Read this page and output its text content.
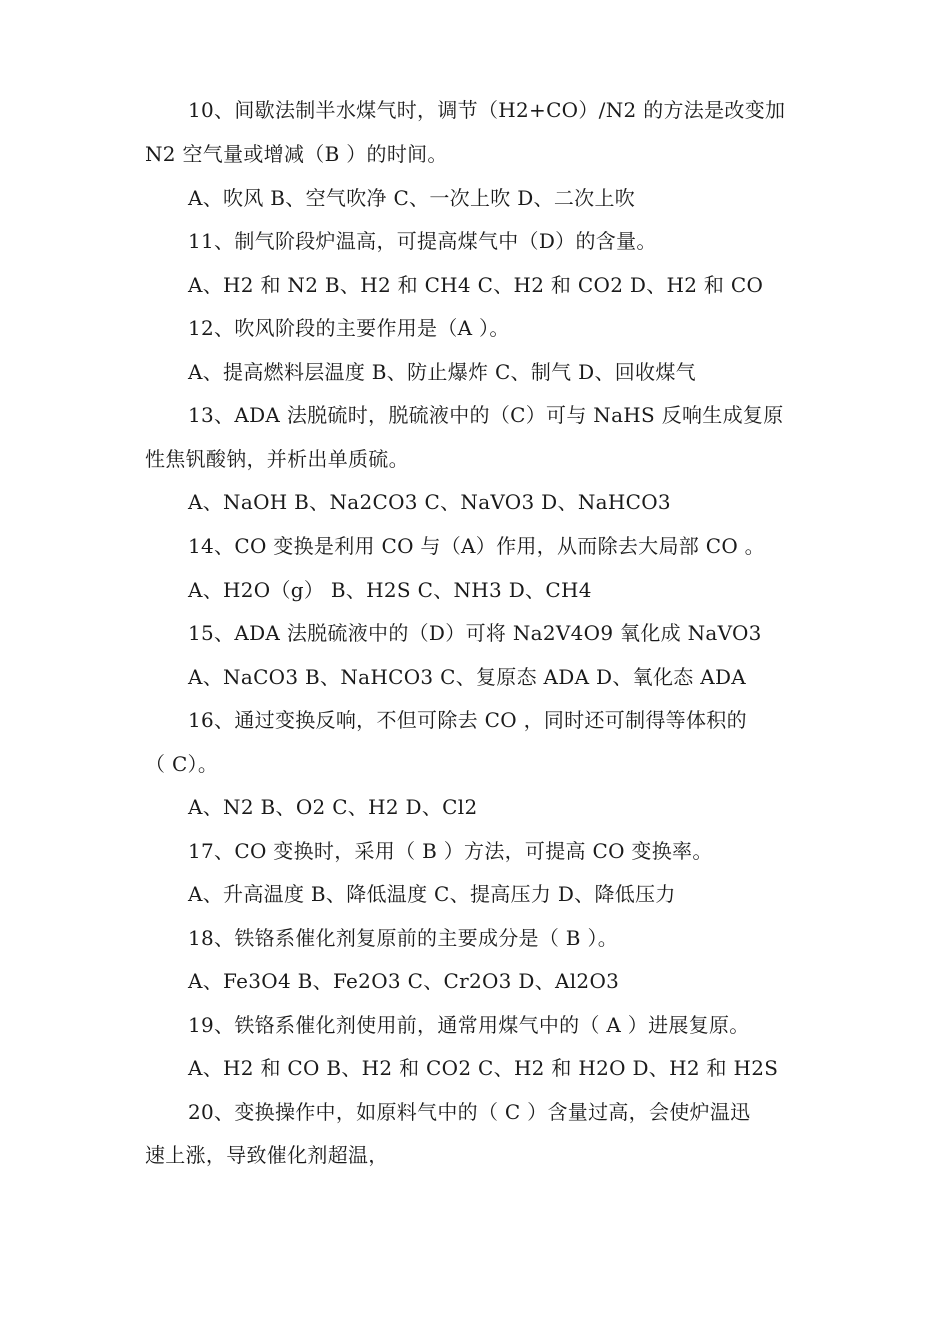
10、间歇法制半水煤气时，调节（H2+CO）/N2 的方法是改变加
N2 空气量或增减（B ）的时间。
A、吹风 B、空气吹净 C、一次上吹 D、二次上吹
11、制气阶段炉温高，可提高煤气中（D）的含量。
A、H2 和 N2 B、H2 和 CH4 C、H2 和 CO2 D、H2 和 CO
12、吹风阶段的主要作用是（A ）。
A、提高燃料层温度 B、防止爆炸 C、制气 D、回收煤气
13、ADA 法脱硫时，脱硫液中的（C）可与 NaHS 反响生成复原
性焦钒酸钠，并析出单质硫。
A、NaOH B、Na2CO3 C、NaVO3 D、NaHCO3
14、CO 变换是利用 CO 与（A）作用，从而除去大局部 CO 。
A、H2O（g） B、H2S C、NH3 D、CH4
15、ADA 法脱硫液中的（D）可将 Na2V4O9 氧化成 NaVO3
A、NaCO3 B、NaHCO3 C、复原态 ADA D、氧化态 ADA
16、通过变换反响，不但可除去 CO ，同时还可制得等体积的
（ C）。
A、N2 B、O2 C、H2 D、Cl2
17、CO 变换时，采用（ B ）方法，可提高 CO 变换率。
A、升高温度 B、降低温度 C、提高压力 D、降低压力
18、铁铬系催化剂复原前的主要成分是（ B ）。
A、Fe3O4 B、Fe2O3 C、Cr2O3 D、Al2O3
19、铁铬系催化剂使用前，通常用煤气中的（ A ）进展复原。
A、H2 和 CO B、H2 和 CO2 C、H2 和 H2O D、H2 和 H2S
20、变换操作中，如原料气中的（ C ）含量过高，会使炉温迅
速上涨，导致催化剂超温，
